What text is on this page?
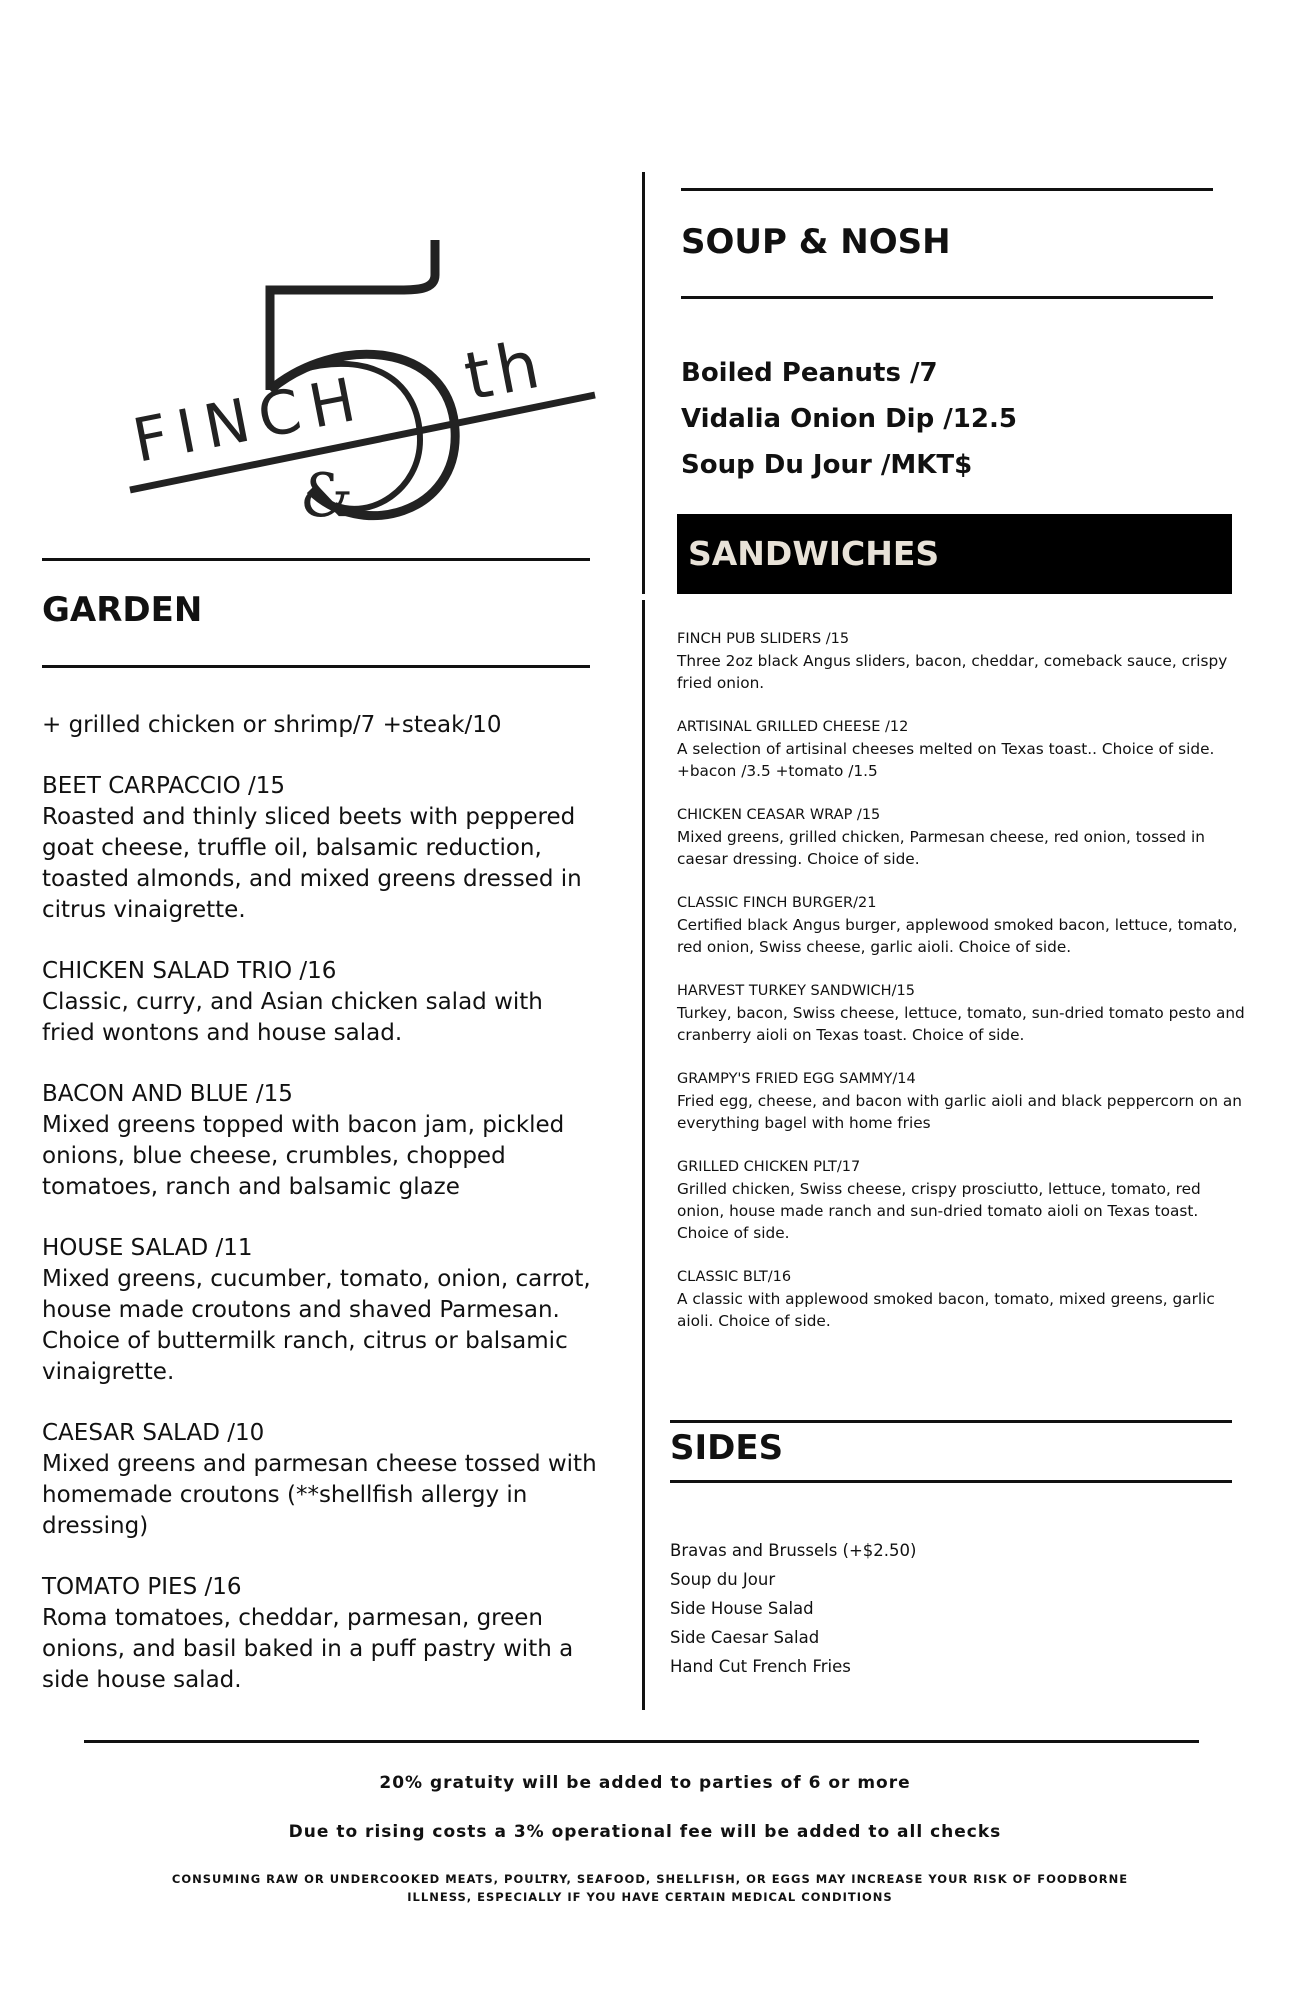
FINCH
&
th
GARDEN
+ grilled chicken or shrimp/7 +steak/10
BEET CARPACCIO /15
Roasted and thinly sliced beets with peppered goat cheese, truffle oil, balsamic reduction, toasted almonds, and mixed greens dressed in citrus vinaigrette.
CHICKEN SALAD TRIO /16
Classic, curry, and Asian chicken salad with fried wontons and house salad.
BACON AND BLUE /15
Mixed greens topped with bacon jam, pickled onions, blue cheese, crumbles, chopped tomatoes, ranch and balsamic glaze
HOUSE SALAD /11
Mixed greens, cucumber, tomato, onion, carrot, house made croutons and shaved Parmesan. Choice of buttermilk ranch, citrus or balsamic vinaigrette.
CAESAR SALAD /10
Mixed greens and parmesan cheese tossed with homemade croutons (**shellfish allergy in dressing)
TOMATO PIES /16
Roma tomatoes, cheddar, parmesan, green onions, and basil baked in a puff pastry with a side house salad.
SOUP & NOSH
Boiled Peanuts /7
Vidalia Onion Dip /12.5
Soup Du Jour /MKT$
SANDWICHES
FINCH PUB SLIDERS /15
Three 2oz black Angus sliders, bacon, cheddar, comeback sauce, crispy fried onion.
ARTISINAL GRILLED CHEESE /12
A selection of artisinal cheeses melted on Texas toast.. Choice of side. +bacon /3.5 +tomato /1.5
CHICKEN CEASAR WRAP /15
Mixed greens, grilled chicken, Parmesan cheese, red onion, tossed in caesar dressing. Choice of side.
CLASSIC FINCH BURGER/21
Certified black Angus burger, applewood smoked bacon, lettuce, tomato, red onion, Swiss cheese, garlic aioli. Choice of side.
HARVEST TURKEY SANDWICH/15
Turkey, bacon, Swiss cheese, lettuce, tomato, sun-dried tomato pesto and cranberry aioli on Texas toast. Choice of side.
GRAMPY'S FRIED EGG SAMMY/14
Fried egg, cheese, and bacon with garlic aioli and black peppercorn on an everything bagel with home fries
GRILLED CHICKEN PLT/17
Grilled chicken, Swiss cheese, crispy prosciutto, lettuce, tomato, red onion, house made ranch and sun-dried tomato aioli on Texas toast. Choice of side.
CLASSIC BLT/16
A classic with applewood smoked bacon, tomato, mixed greens, garlic aioli. Choice of side.
SIDES
Bravas and Brussels (+$2.50)
Soup du Jour
Side House Salad
Side Caesar Salad
Hand Cut French Fries
20% gratuity will be added to parties of 6 or more
Due to rising costs a 3% operational fee will be added to all checks
CONSUMING RAW OR UNDERCOOKED MEATS, POULTRY, SEAFOOD, SHELLFISH, OR EGGS MAY INCREASE YOUR RISK OF FOODBORNE ILLNESS, ESPECIALLY IF YOU HAVE CERTAIN MEDICAL CONDITIONS
